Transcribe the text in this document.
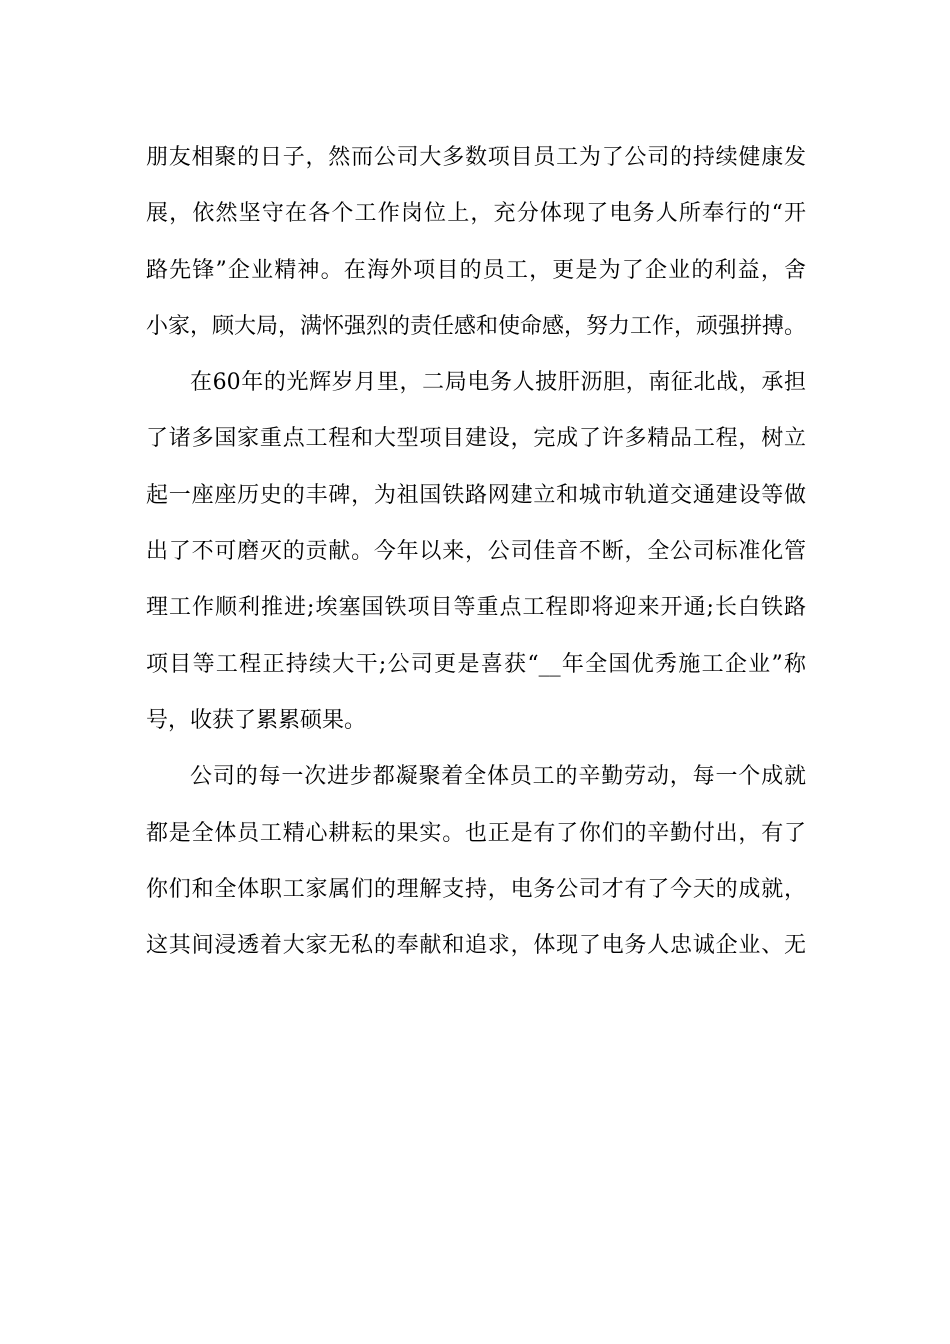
朋友相聚的日子，然而公司大多数项目员工为了公司的持续健康发
展，依然坚守在各个工作岗位上，充分体现了电务人所奉行的“开
路先锋”企业精神。在海外项目的员工，更是为了企业的利益，舍
小家，顾大局，满怀强烈的责任感和使命感，努力工作，顽强拼搏。
在60年的光辉岁月里，二局电务人披肝沥胆，南征北战，承担
了诸多国家重点工程和大型项目建设，完成了许多精品工程，树立
起一座座历史的丰碑，为祖国铁路网建立和城市轨道交通建设等做
出了不可磨灭的贡献。今年以来，公司佳音不断，全公司标准化管
理工作顺利推进;埃塞国铁项目等重点工程即将迎来开通;长白铁路
项目等工程正持续大干;公司更是喜获“__年全国优秀施工企业”称
号，收获了累累硕果。
公司的每一次进步都凝聚着全体员工的辛勤劳动，每一个成就
都是全体员工精心耕耘的果实。也正是有了你们的辛勤付出，有了
你们和全体职工家属们的理解支持，电务公司才有了今天的成就，
这其间浸透着大家无私的奉献和追求，体现了电务人忠诚企业、无
